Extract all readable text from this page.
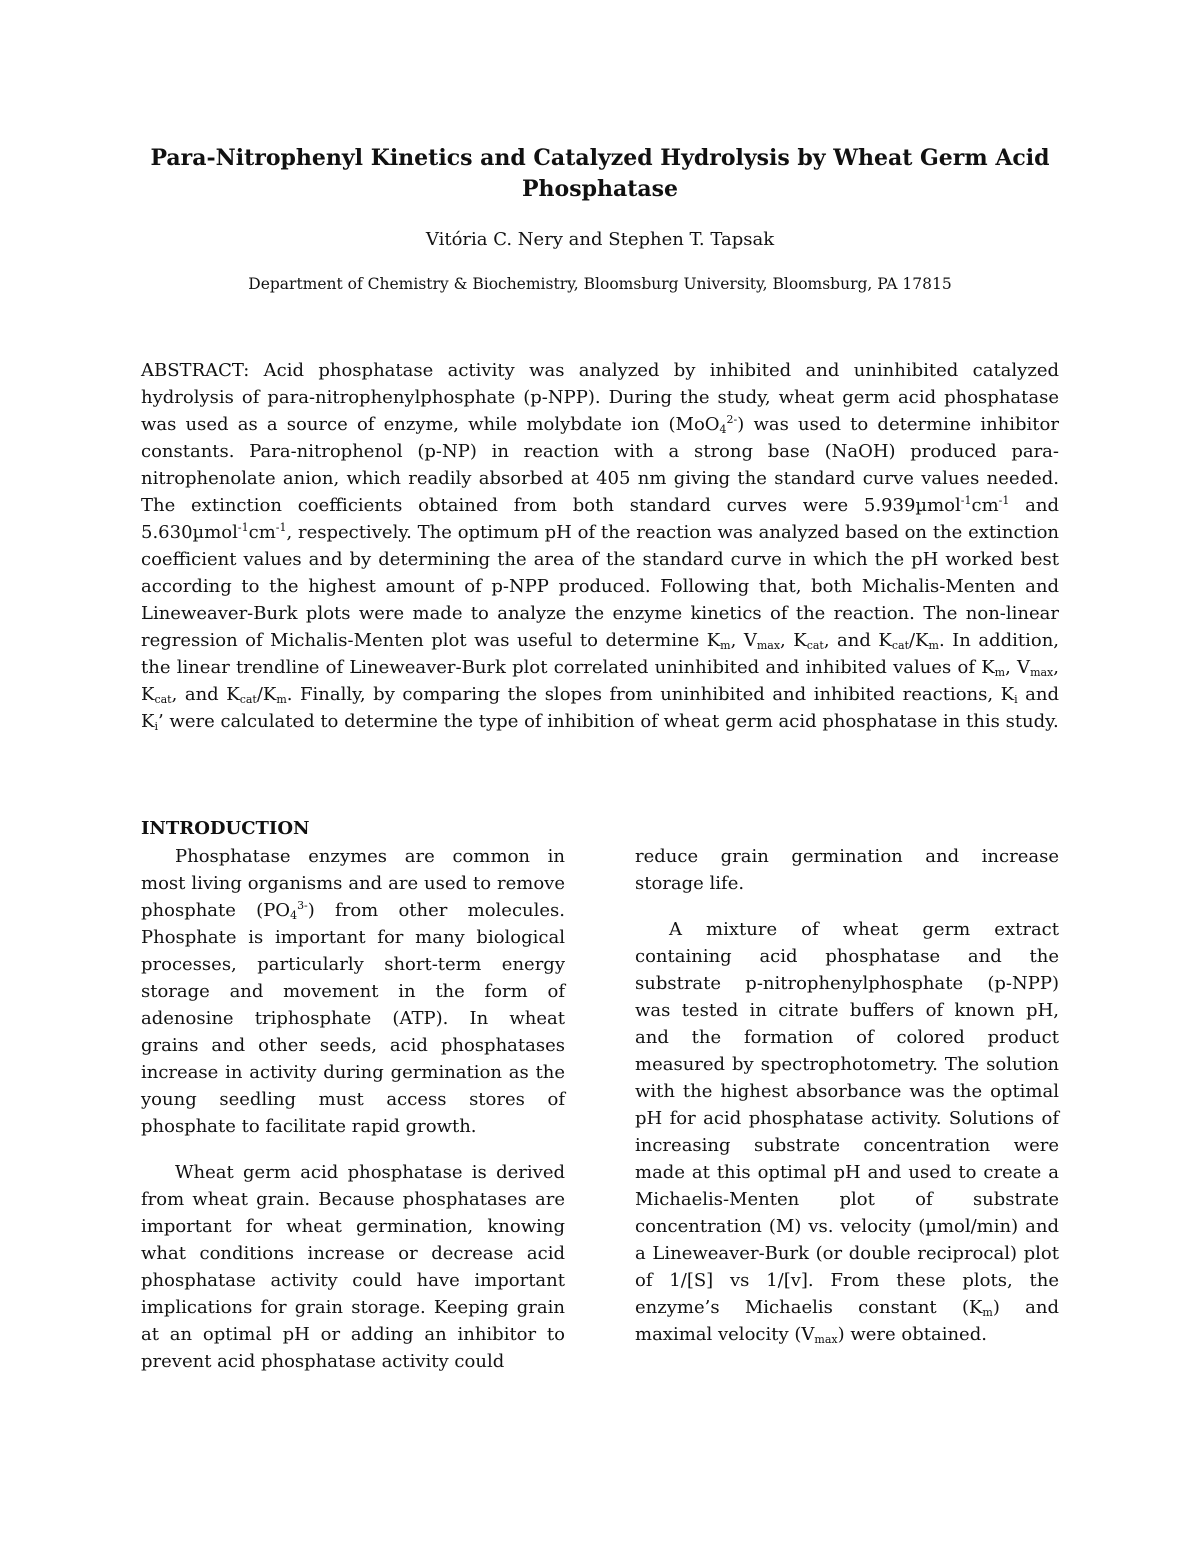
Para-Nitrophenyl Kinetics and Catalyzed Hydrolysis by Wheat Germ Acid Phosphatase

Vitória C. Nery and Stephen T. Tapsak

Department of Chemistry & Biochemistry, Bloomsburg University, Bloomsburg, PA 17815

ABSTRACT: Acid phosphatase activity was analyzed by inhibited and uninhibited catalyzed hydrolysis of para-nitrophenylphosphate (p-NPP). During the study, wheat germ acid phosphatase was used as a source of enzyme, while molybdate ion (MoO$_4^{2-}$) was used to determine inhibitor constants. Para-nitrophenol (p-NP) in reaction with a strong base (NaOH) produced para-nitrophenolate anion, which readily absorbed at 405 nm giving the standard curve values needed. The extinction coefficients obtained from both standard curves were $5.939\mu mol^{-1}cm^{-1}$ and $5.630\mu mol^{-1}cm^{-1}$, respectively. The optimum pH of the reaction was analyzed based on the extinction coefficient values and by determining the area of the standard curve in which the pH worked best according to the highest amount of p-NPP produced. Following that, both Michalis-Menten and Lineweaver-Burk plots were made to analyze the enzyme kinetics of the reaction. The non-linear regression of Michalis-Menten plot was useful to determine $K_m$, $V_{max}$, $K_{cat}$, and $K_{cat}/K_m$. In addition, the linear trendline of Lineweaver-Burk plot correlated uninhibited and inhibited values of $K_m$, $V_{max}$, $K_{cat}$, and $K_{cat}/K_m$. Finally, by comparing the slopes from uninhibited and inhibited reactions, $K_i$ and $K_i$’ were calculated to determine the type of inhibition of wheat germ acid phosphatase in this study.

INTRODUCTION

Phosphatase enzymes are common in most living organisms and are used to remove phosphate $(PO_4^{3-})$ from other molecules. Phosphate is important for many biological processes, particularly short-term energy storage and movement in the form of adenosine triphosphate (ATP). In wheat grains and other seeds, acid phosphatases increase in activity during germination as the young seedling must access stores of phosphate to facilitate rapid growth.

Wheat germ acid phosphatase is derived from wheat grain. Because phosphatases are important for wheat germination, knowing what conditions increase or decrease acid phosphatase activity could have important implications for grain storage. Keeping grain at an optimal pH or adding an inhibitor to prevent acid phosphatase activity could

reduce grain germination and increase storage life.

A mixture of wheat germ extract containing acid phosphatase and the substrate p-nitrophenylphosphate (p-NPP) was tested in citrate buffers of known pH, and the formation of colored product measured by spectrophotometry. The solution with the highest absorbance was the optimal pH for acid phosphatase activity. Solutions of increasing substrate concentration were made at this optimal pH and used to create a Michaelis-Menten plot of substrate concentration (M) vs. velocity (µmol/min) and a Lineweaver-Burk (or double reciprocal) plot of 1/[S] vs 1/[v]. From these plots, the enzyme’s Michaelis constant $(K_m)$ and maximal velocity $(V_{max})$ were obtained.
